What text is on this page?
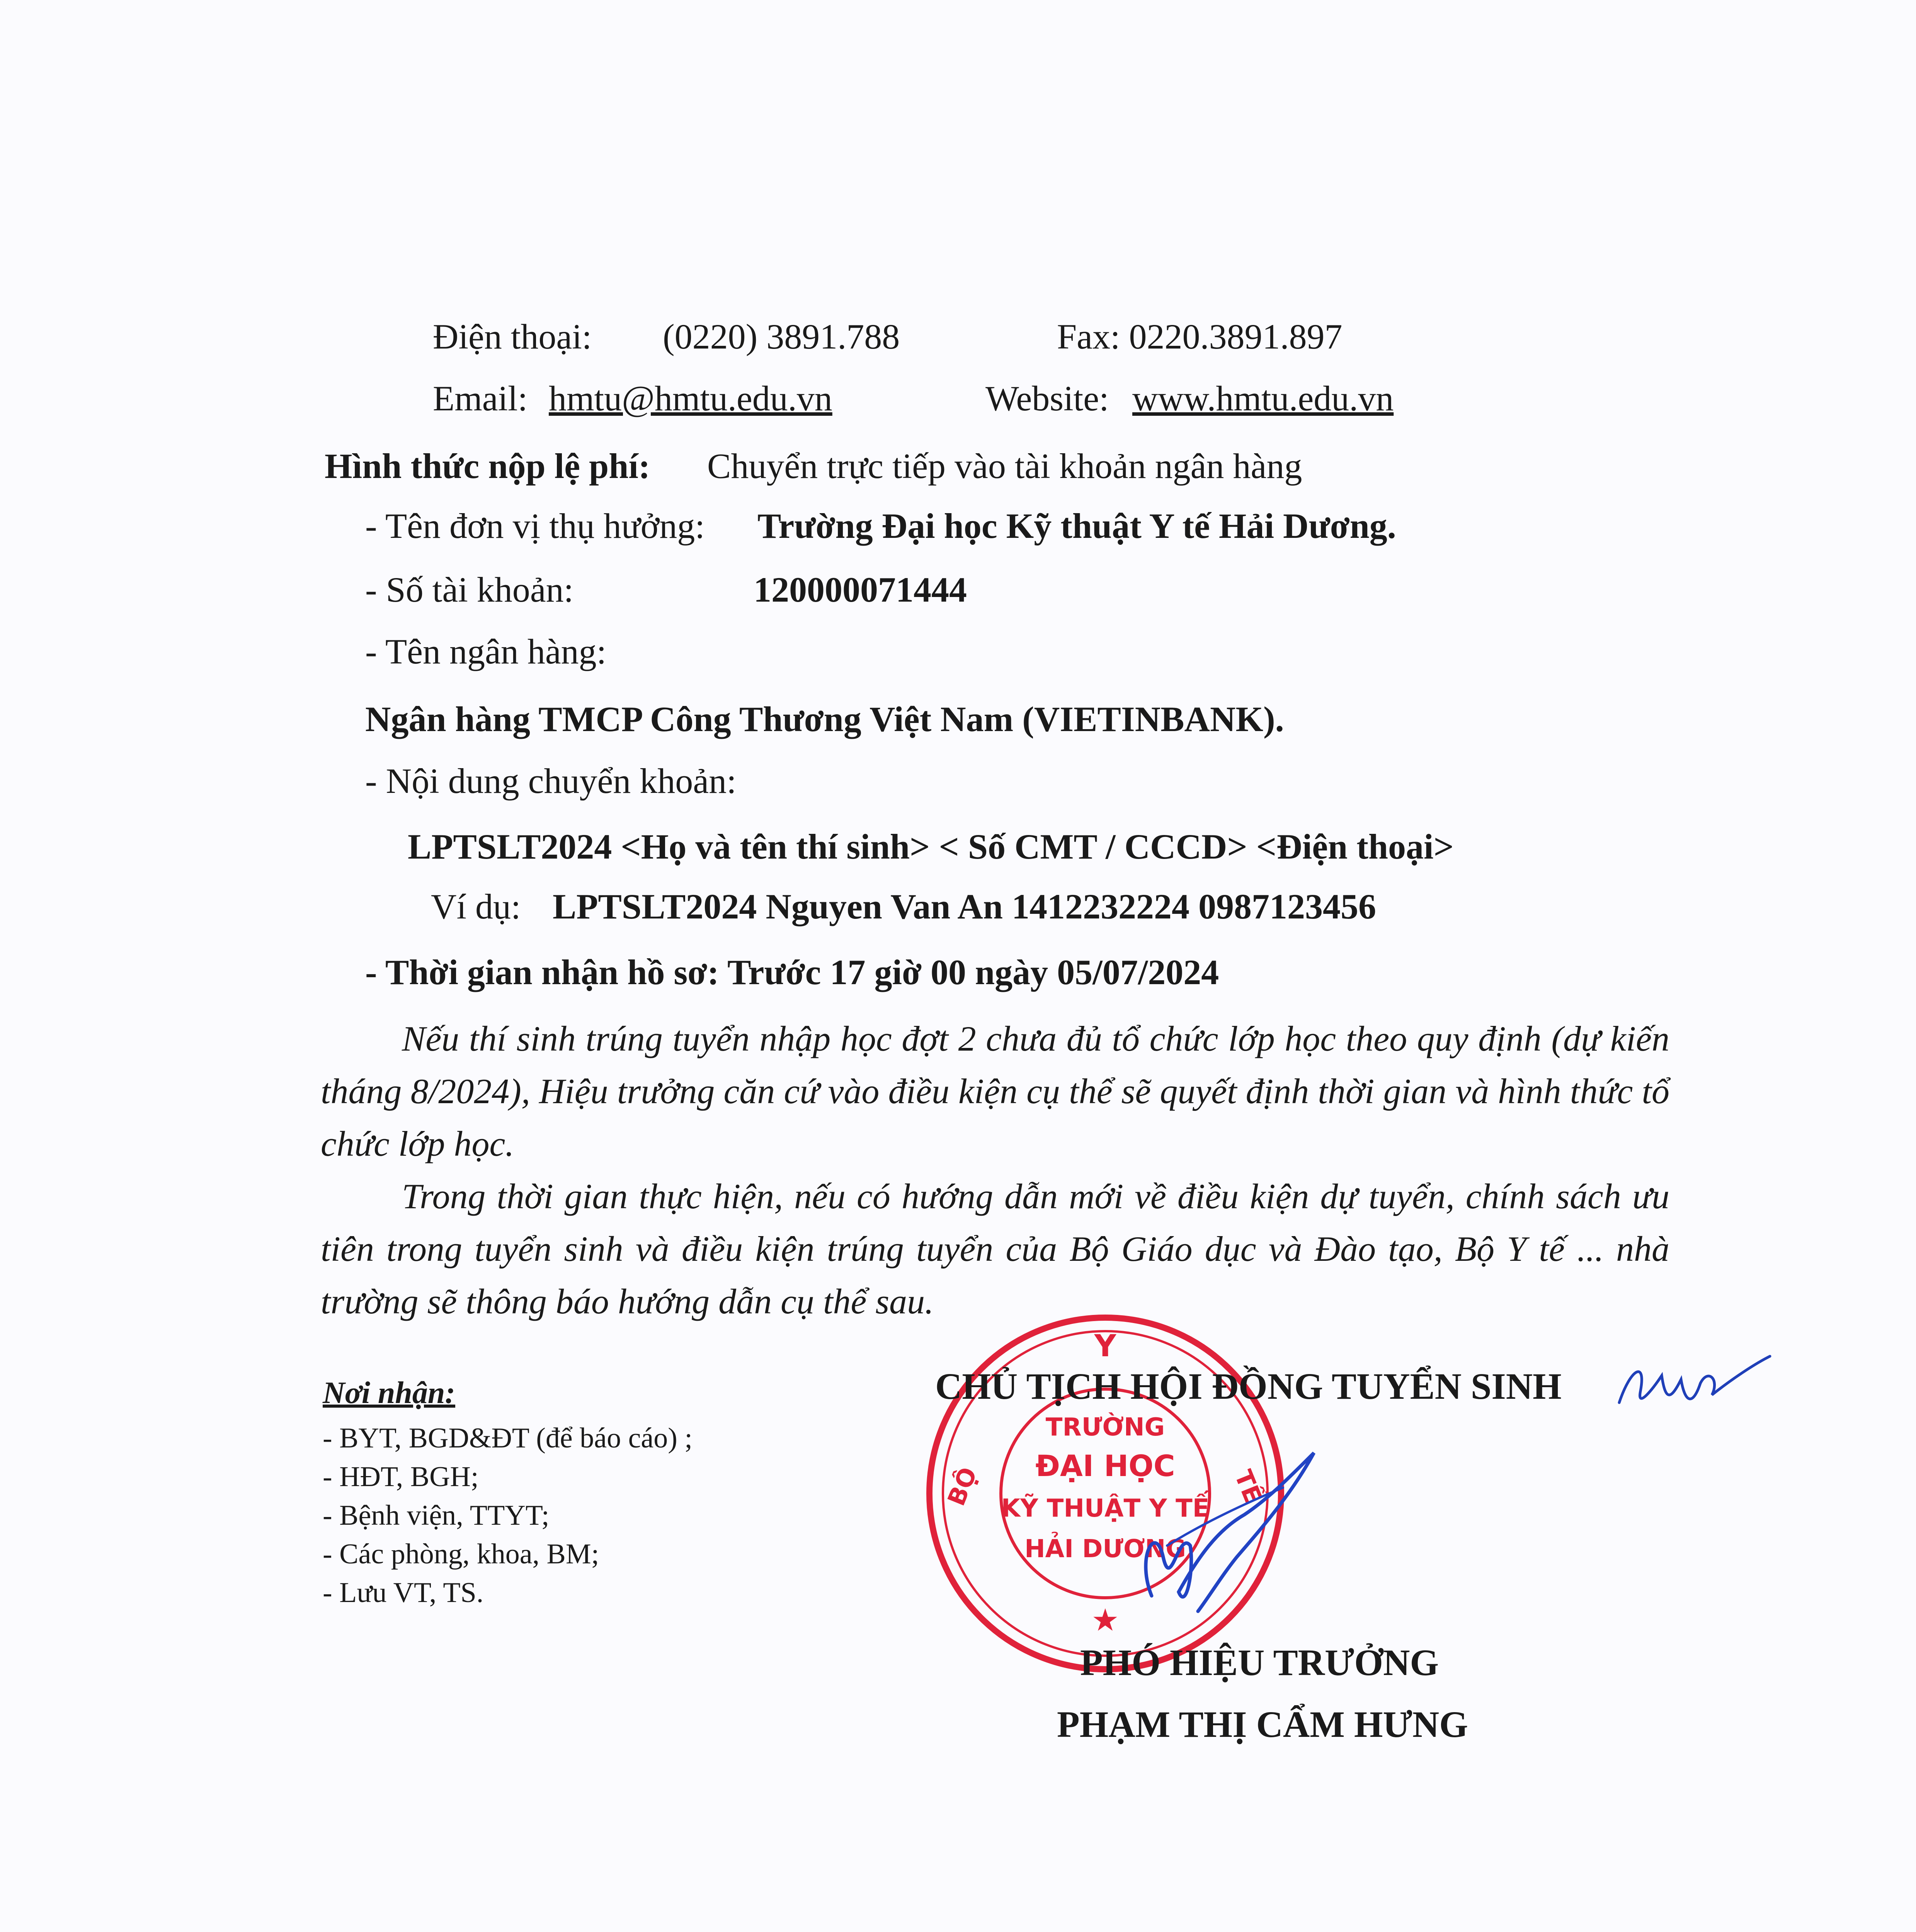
Điện thoại: (0220) 3891.788	Fax: 0220.3891.897
Email: hmtu@hmtu.edu.vn	Website: www.hmtu.edu.vn
Hình thức nộp lệ phí: Chuyển trực tiếp vào tài khoản ngân hàng
- Tên đơn vị thụ hưởng: Trường Đại học Kỹ thuật Y tế Hải Dương.
- Số tài khoản:	120000071444
- Tên ngân hàng:
Ngân hàng TMCP Công Thương Việt Nam (VIETINBANK).
- Nội dung chuyển khoản:
LPTSLT2024 <Họ và tên thí sinh> < Số CMT / CCCD> <Điện thoại>
Ví dụ: LPTSLT2024 Nguyen Van An 1412232224 0987123456
- Thời gian nhận hồ sơ: Trước 17 giờ 00 ngày 05/07/2024

Nếu thí sinh trúng tuyển nhập học đợt 2 chưa đủ tổ chức lớp học theo quy định (dự kiến tháng 8/2024), Hiệu trưởng căn cứ vào điều kiện cụ thể sẽ quyết định thời gian và hình thức tổ chức lớp học.

Trong thời gian thực hiện, nếu có hướng dẫn mới về điều kiện dự tuyển, chính sách ưu tiên trong tuyển sinh và điều kiện trúng tuyển của Bộ Giáo dục và Đào tạo, Bộ Y tế ... nhà trường sẽ thông báo hướng dẫn cụ thể sau.

Nơi nhận:
- BYT, BGD&ĐT (để báo cáo) ;
- HĐT, BGH;
- Bệnh viện, TTYT;
- Các phòng, khoa, BM;
- Lưu VT, TS.
Y
BỘ	TẾ
TRƯỜNG
ĐẠI HỌC
KỸ THUẬT Y TẾ
HẢI DƯƠNG
★
CHỦ TỊCH HỘI ĐỒNG TUYỂN SINH
PHÓ HIỆU TRƯỞNG
PHẠM THỊ CẨM HƯNG
